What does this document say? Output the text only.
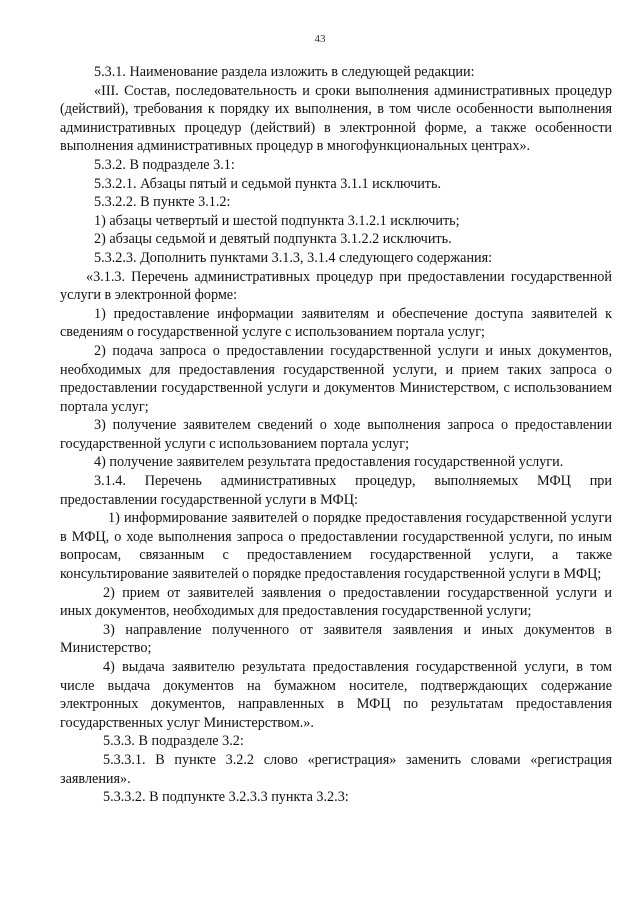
43

5.3.1. Наименование раздела изложить в следующей редакции:

«III. Состав, последовательность и сроки выполнения административных процедур (действий), требования к порядку их выполнения, в том числе особенности выполнения административных процедур (действий) в электронной форме, а также особенности выполнения административных процедур в многофункциональных центрах».

5.3.2. В подразделе 3.1:

5.3.2.1. Абзацы пятый и седьмой пункта 3.1.1 исключить.

5.3.2.2. В пункте 3.1.2:

1) абзацы четвертый и шестой подпункта 3.1.2.1 исключить;

2) абзацы седьмой и девятый подпункта 3.1.2.2 исключить.

5.3.2.3. Дополнить пунктами 3.1.3, 3.1.4 следующего содержания:

«3.1.3. Перечень административных процедур при предоставлении государственной услуги в электронной форме:

1) предоставление информации заявителям и обеспечение доступа заявителей к сведениям о государственной услуге с использованием портала услуг;

2) подача запроса о предоставлении государственной услуги и иных документов, необходимых для предоставления государственной услуги, и прием таких запроса о предоставлении государственной услуги и документов Министерством, с использованием портала услуг;

3) получение заявителем сведений о ходе выполнения запроса о предоставлении государственной услуги с использованием портала услуг;

4) получение заявителем результата предоставления государственной услуги.

3.1.4. Перечень административных процедур, выполняемых МФЦ при предоставлении государственной услуги в МФЦ:

1) информирование заявителей о порядке предоставления государственной услуги в МФЦ, о ходе выполнения запроса о предоставлении государственной услуги, по иным вопросам, связанным с предоставлением государственной услуги, а также консультирование заявителей о порядке предоставления государственной услуги в МФЦ;

2) прием от заявителей заявления о предоставлении государственной услуги и иных документов, необходимых для предоставления государственной услуги;

3) направление полученного от заявителя заявления и иных документов в Министерство;

4) выдача заявителю результата предоставления государственной услуги, в том числе выдача документов на бумажном носителе, подтверждающих содержание электронных документов, направленных в МФЦ по результатам предоставления государственных услуг Министерством.».

5.3.3. В подразделе 3.2:

5.3.3.1. В пункте 3.2.2 слово «регистрация» заменить словами «регистрация заявления».

5.3.3.2. В подпункте 3.2.3.3 пункта 3.2.3:
